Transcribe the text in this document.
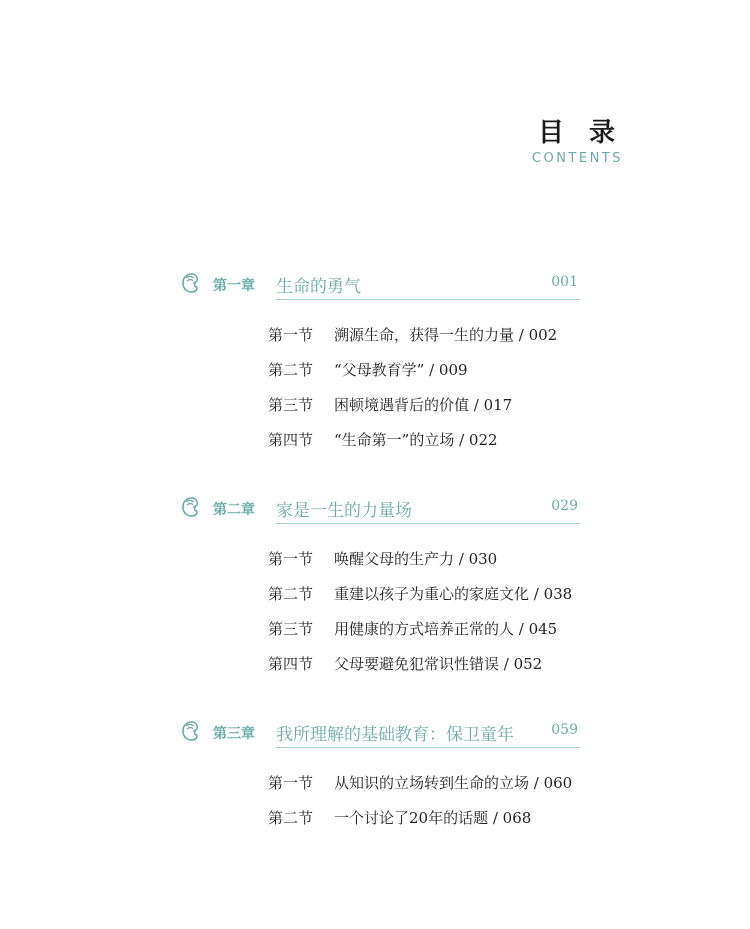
目 录
CONTENTS
第一章 生命的勇气	001
第一节 溯源生命，获得一生的力量 / 002
第二节 “父母教育学” / 009
第三节 困顿境遇背后的价值 / 017
第四节 “生命第一”的立场 / 022
第二章 家是一生的力量场	029
第一节 唤醒父母的生产力 / 030
第二节 重建以孩子为重心的家庭文化 / 038
第三节 用健康的方式培养正常的人 / 045
第四节 父母要避免犯常识性错误 / 052
第三章 我所理解的基础教育：保卫童年	059
第一节 从知识的立场转到生命的立场 / 060
第二节 一个讨论了20年的话题 / 068
